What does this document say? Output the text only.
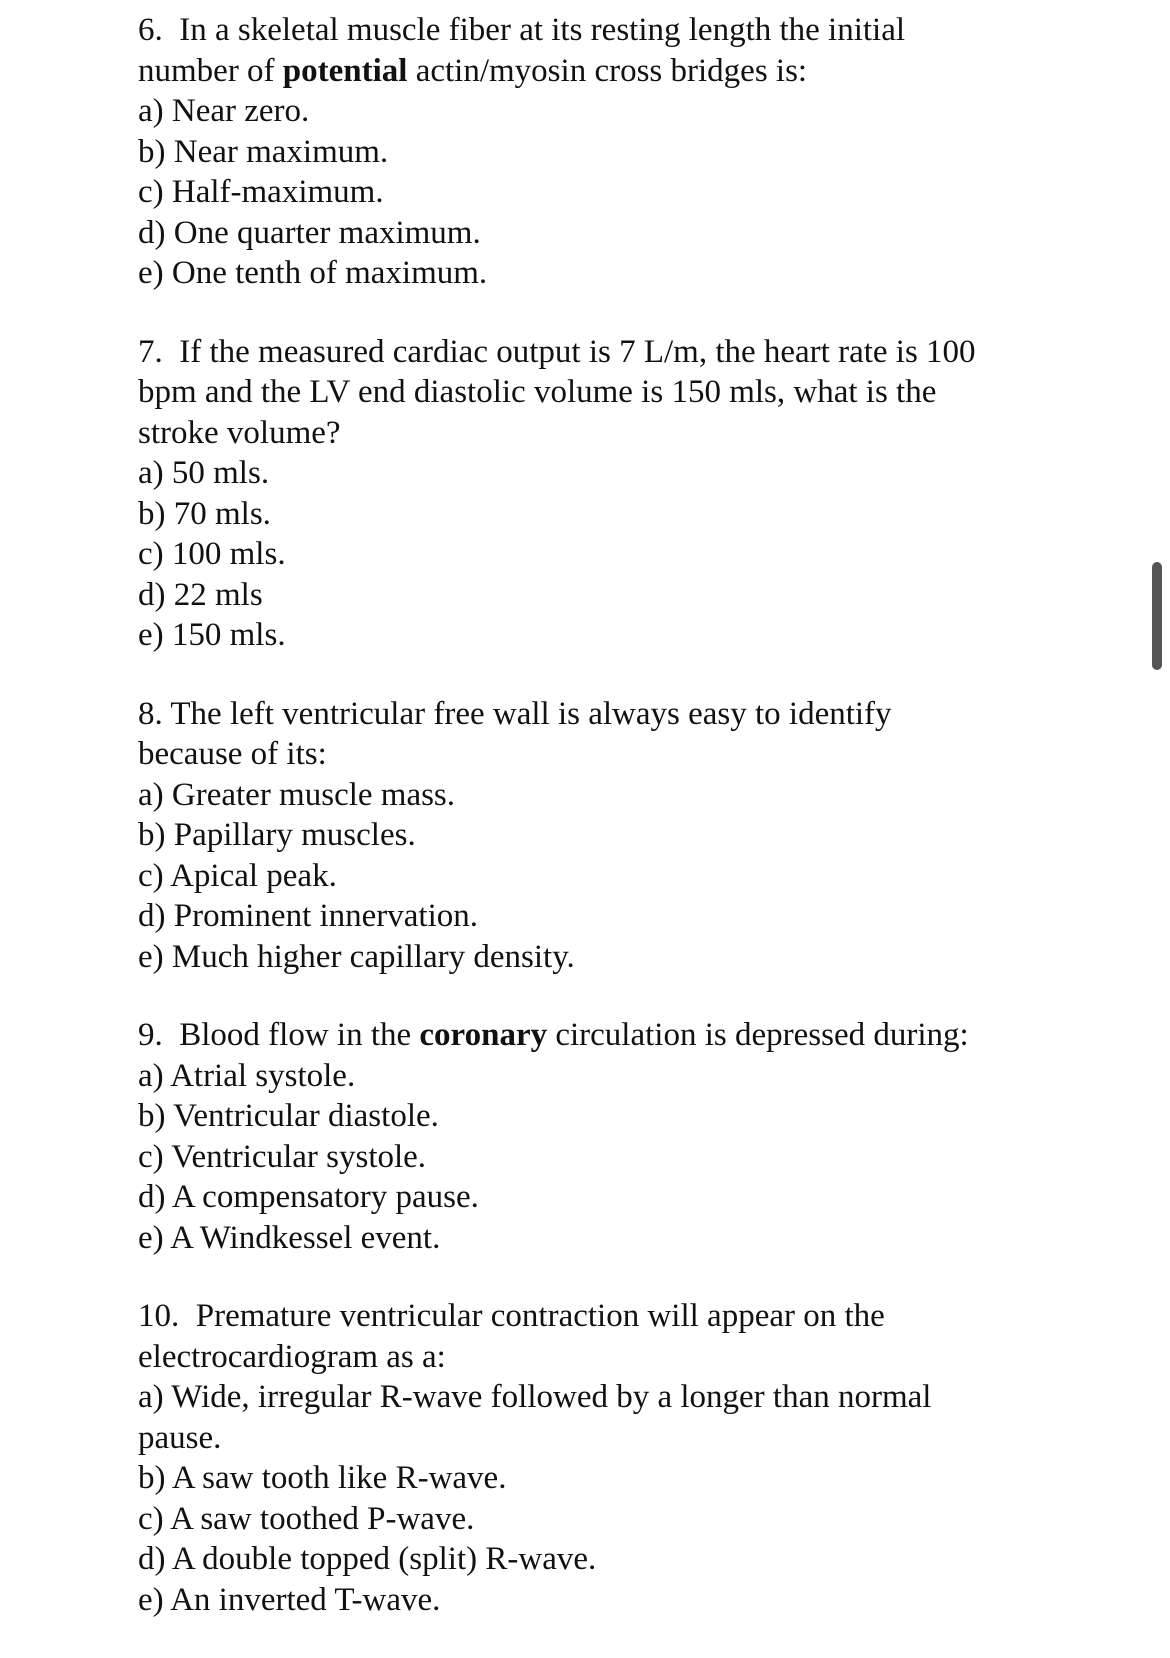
6.  In a skeletal muscle fiber at its resting length the initial
number of potential actin/myosin cross bridges is:
a) Near zero.
b) Near maximum.
c) Half-maximum.
d) One quarter maximum.
e) One tenth of maximum.
7.  If the measured cardiac output is 7 L/m, the heart rate is 100
bpm and the LV end diastolic volume is 150 mls, what is the
stroke volume?
a) 50 mls.
b) 70 mls.
c) 100 mls.
d) 22 mls
e) 150 mls.
8. The left ventricular free wall is always easy to identify
because of its:
a) Greater muscle mass.
b) Papillary muscles.
c) Apical peak.
d) Prominent innervation.
e) Much higher capillary density.
9.  Blood flow in the coronary circulation is depressed during:
a) Atrial systole.
b) Ventricular diastole.
c) Ventricular systole.
d) A compensatory pause.
e) A Windkessel event.
10.  Premature ventricular contraction will appear on the
electrocardiogram as a:
a) Wide, irregular R-wave followed by a longer than normal
pause.
b) A saw tooth like R-wave.
c) A saw toothed P-wave.
d) A double topped (split) R-wave.
e) An inverted T-wave.
